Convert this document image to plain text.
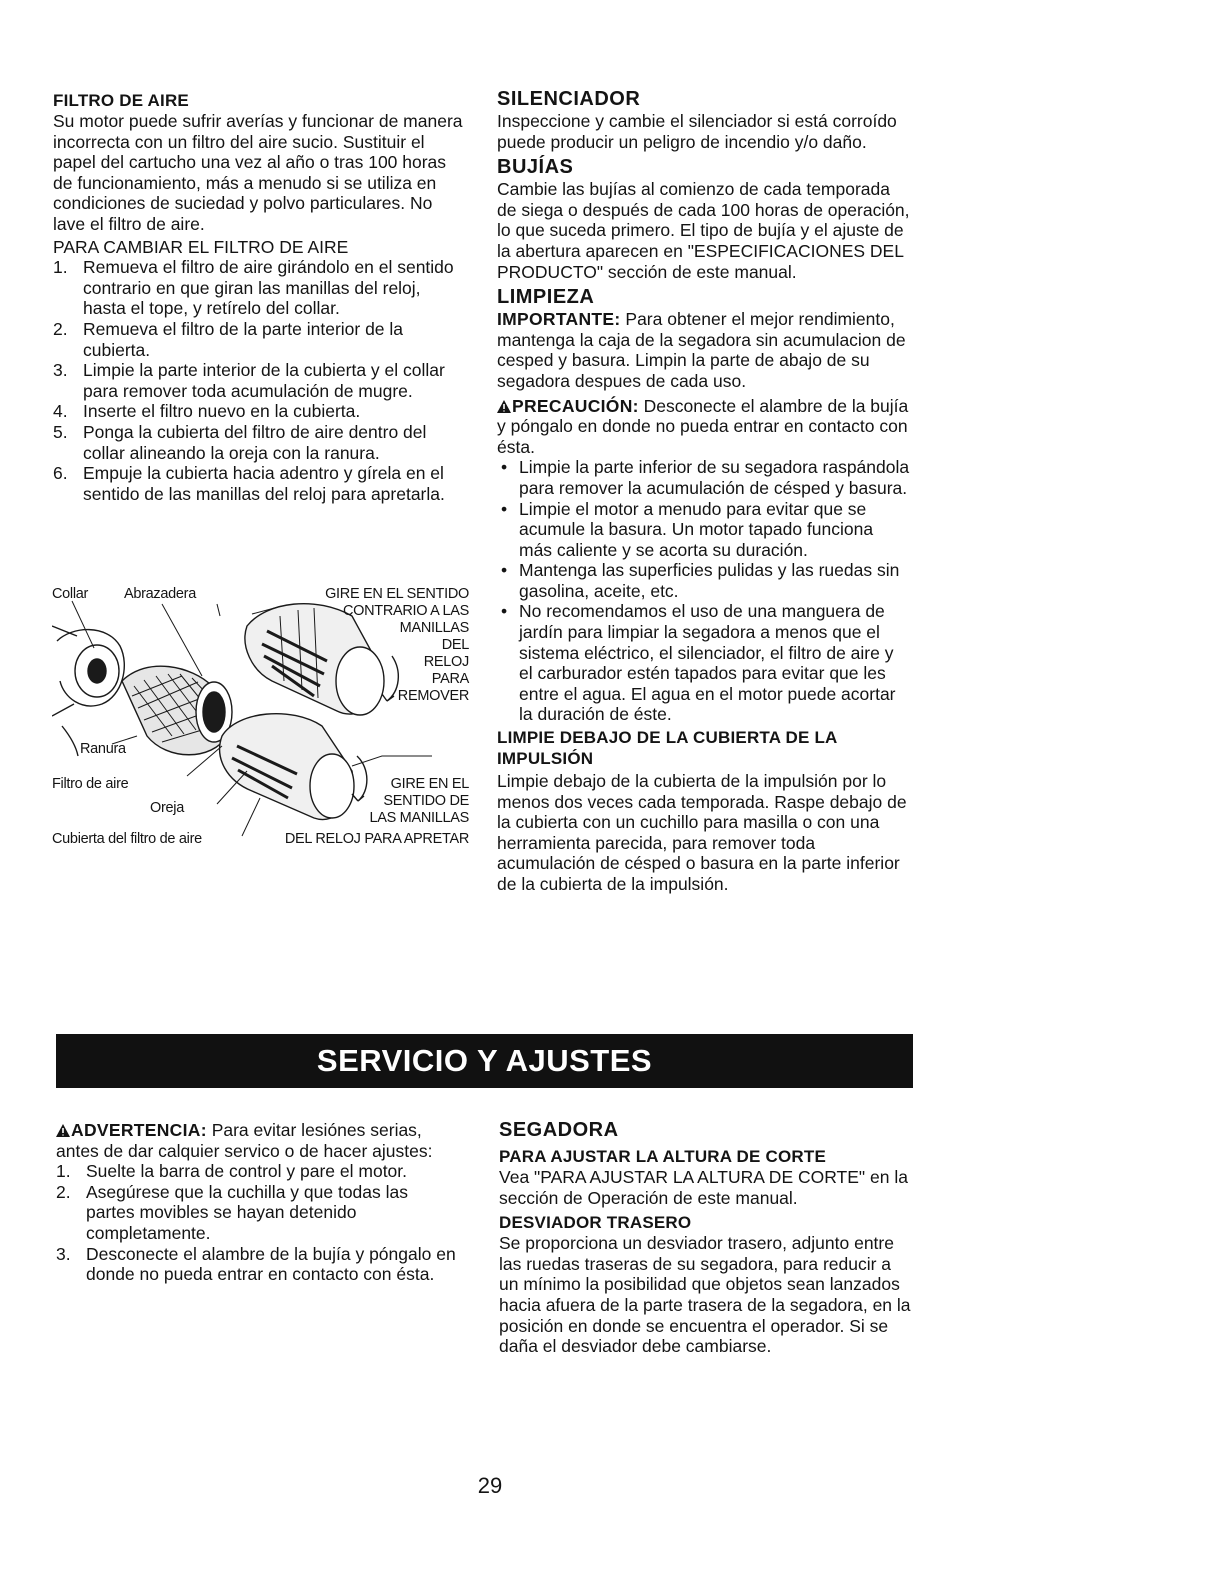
FILTRO DE AIRE

Su motor puede sufrir averías y funcionar de manera incorrecta con un filtro del aire sucio. Sustituir el papel del cartucho una vez al año o tras 100 horas de funcionamiento, más a menudo si se utiliza en condiciones de suciedad y polvo particulares. No lave el filtro de aire.

PARA CAMBIAR EL FILTRO DE AIRE

1. Remueva el filtro de aire girándolo en el sentido contrario en que giran las manillas del reloj, hasta el tope, y retírelo del collar.
2. Remueva el filtro de la parte interior de la cubierta.
3. Limpie la parte interior de la cubierta y el collar para remover toda acumulación de mugre.
4. Inserte el filtro nuevo en la cubierta.
5. Ponga la cubierta del filtro de aire dentro del collar alineando la oreja con la ranura.
6. Empuje la cubierta hacia adentro y gírela en el sentido de las manillas del reloj para apretarla.
Collar Abrazadera	GIRE EN EL SENTIDO
CONTRARIO A LAS
MANILLAS
DEL
RELOJ
PARA
REMOVER
Ranura
Filtro de aire
Oreja
GIRE EN EL
SENTIDO DE
LAS MANILLAS
Cubierta del filtro de aire	DEL RELOJ PARA APRETAR
SILENCIADOR

Inspeccione y cambie el silenciador si está corroído puede producir un peligro de incendio y/o daño.

BUJÍAS

Cambie las bujías al comienzo de cada temporada de siega o después de cada 100 horas de operación, lo que suceda primero. El tipo de bujía y el ajuste de la abertura aparecen en "ESPECIFICACIONES DEL PRODUCTO" sección de este manual.

LIMPIEZA

IMPORTANTE: Para obtener el mejor rendimiento, mantenga la caja de la segadora sin acumulacion de cesped y basura. Limpin la parte de abajo de su segadora despues de cada uso.

PRECAUCIÓN: Desconecte el alambre de la bujía y póngalo en donde no pueda entrar en contacto con ésta.

• Limpie la parte inferior de su segadora raspándola para remover la acumulación de césped y basura.
• Limpie el motor a menudo para evitar que se acumule la basura. Un motor tapado funciona más caliente y se acorta su duración.
• Mantenga las superficies pulidas y las ruedas sin gasolina, aceite, etc.
• No recomendamos el uso de una manguera de jardín para limpiar la segadora a menos que el sistema eléctrico, el silenciador, el filtro de aire y el carburador estén tapados para evitar que les entre el agua. El agua en el motor puede acortar la duración de éste.
LIMPIE DEBAJO DE LA CUBIERTA DE LA IMPULSIÓN

Limpie debajo de la cubierta de la impulsión por lo menos dos veces cada temporada. Raspe debajo de la cubierta con un cuchillo para masilla o con una herramienta parecida, para remover toda acumulación de césped o basura en la parte inferior de la cubierta de la impulsión.

SERVICIO Y AJUSTES

ADVERTENCIA: Para evitar lesiónes serias, antes de dar calquier servico o de hacer ajustes:

1. Suelte la barra de control y pare el motor.
2. Asegúrese que la cuchilla y que todas las partes movibles se hayan detenido completamente.
3. Desconecte el alambre de la bujía y póngalo en donde no pueda entrar en contacto con ésta.
SEGADORA
PARA AJUSTAR LA ALTURA DE CORTE

Vea "PARA AJUSTAR LA ALTURA DE CORTE" en la sección de Operación de este manual.

DESVIADOR TRASERO

Se proporciona un desviador trasero, adjunto entre las ruedas traseras de su segadora, para reducir a un mínimo la posibilidad que objetos sean lanzados hacia afuera de la parte trasera de la segadora, en la posición en donde se encuentra el operador. Si se daña el desviador debe cambiarse.

29
